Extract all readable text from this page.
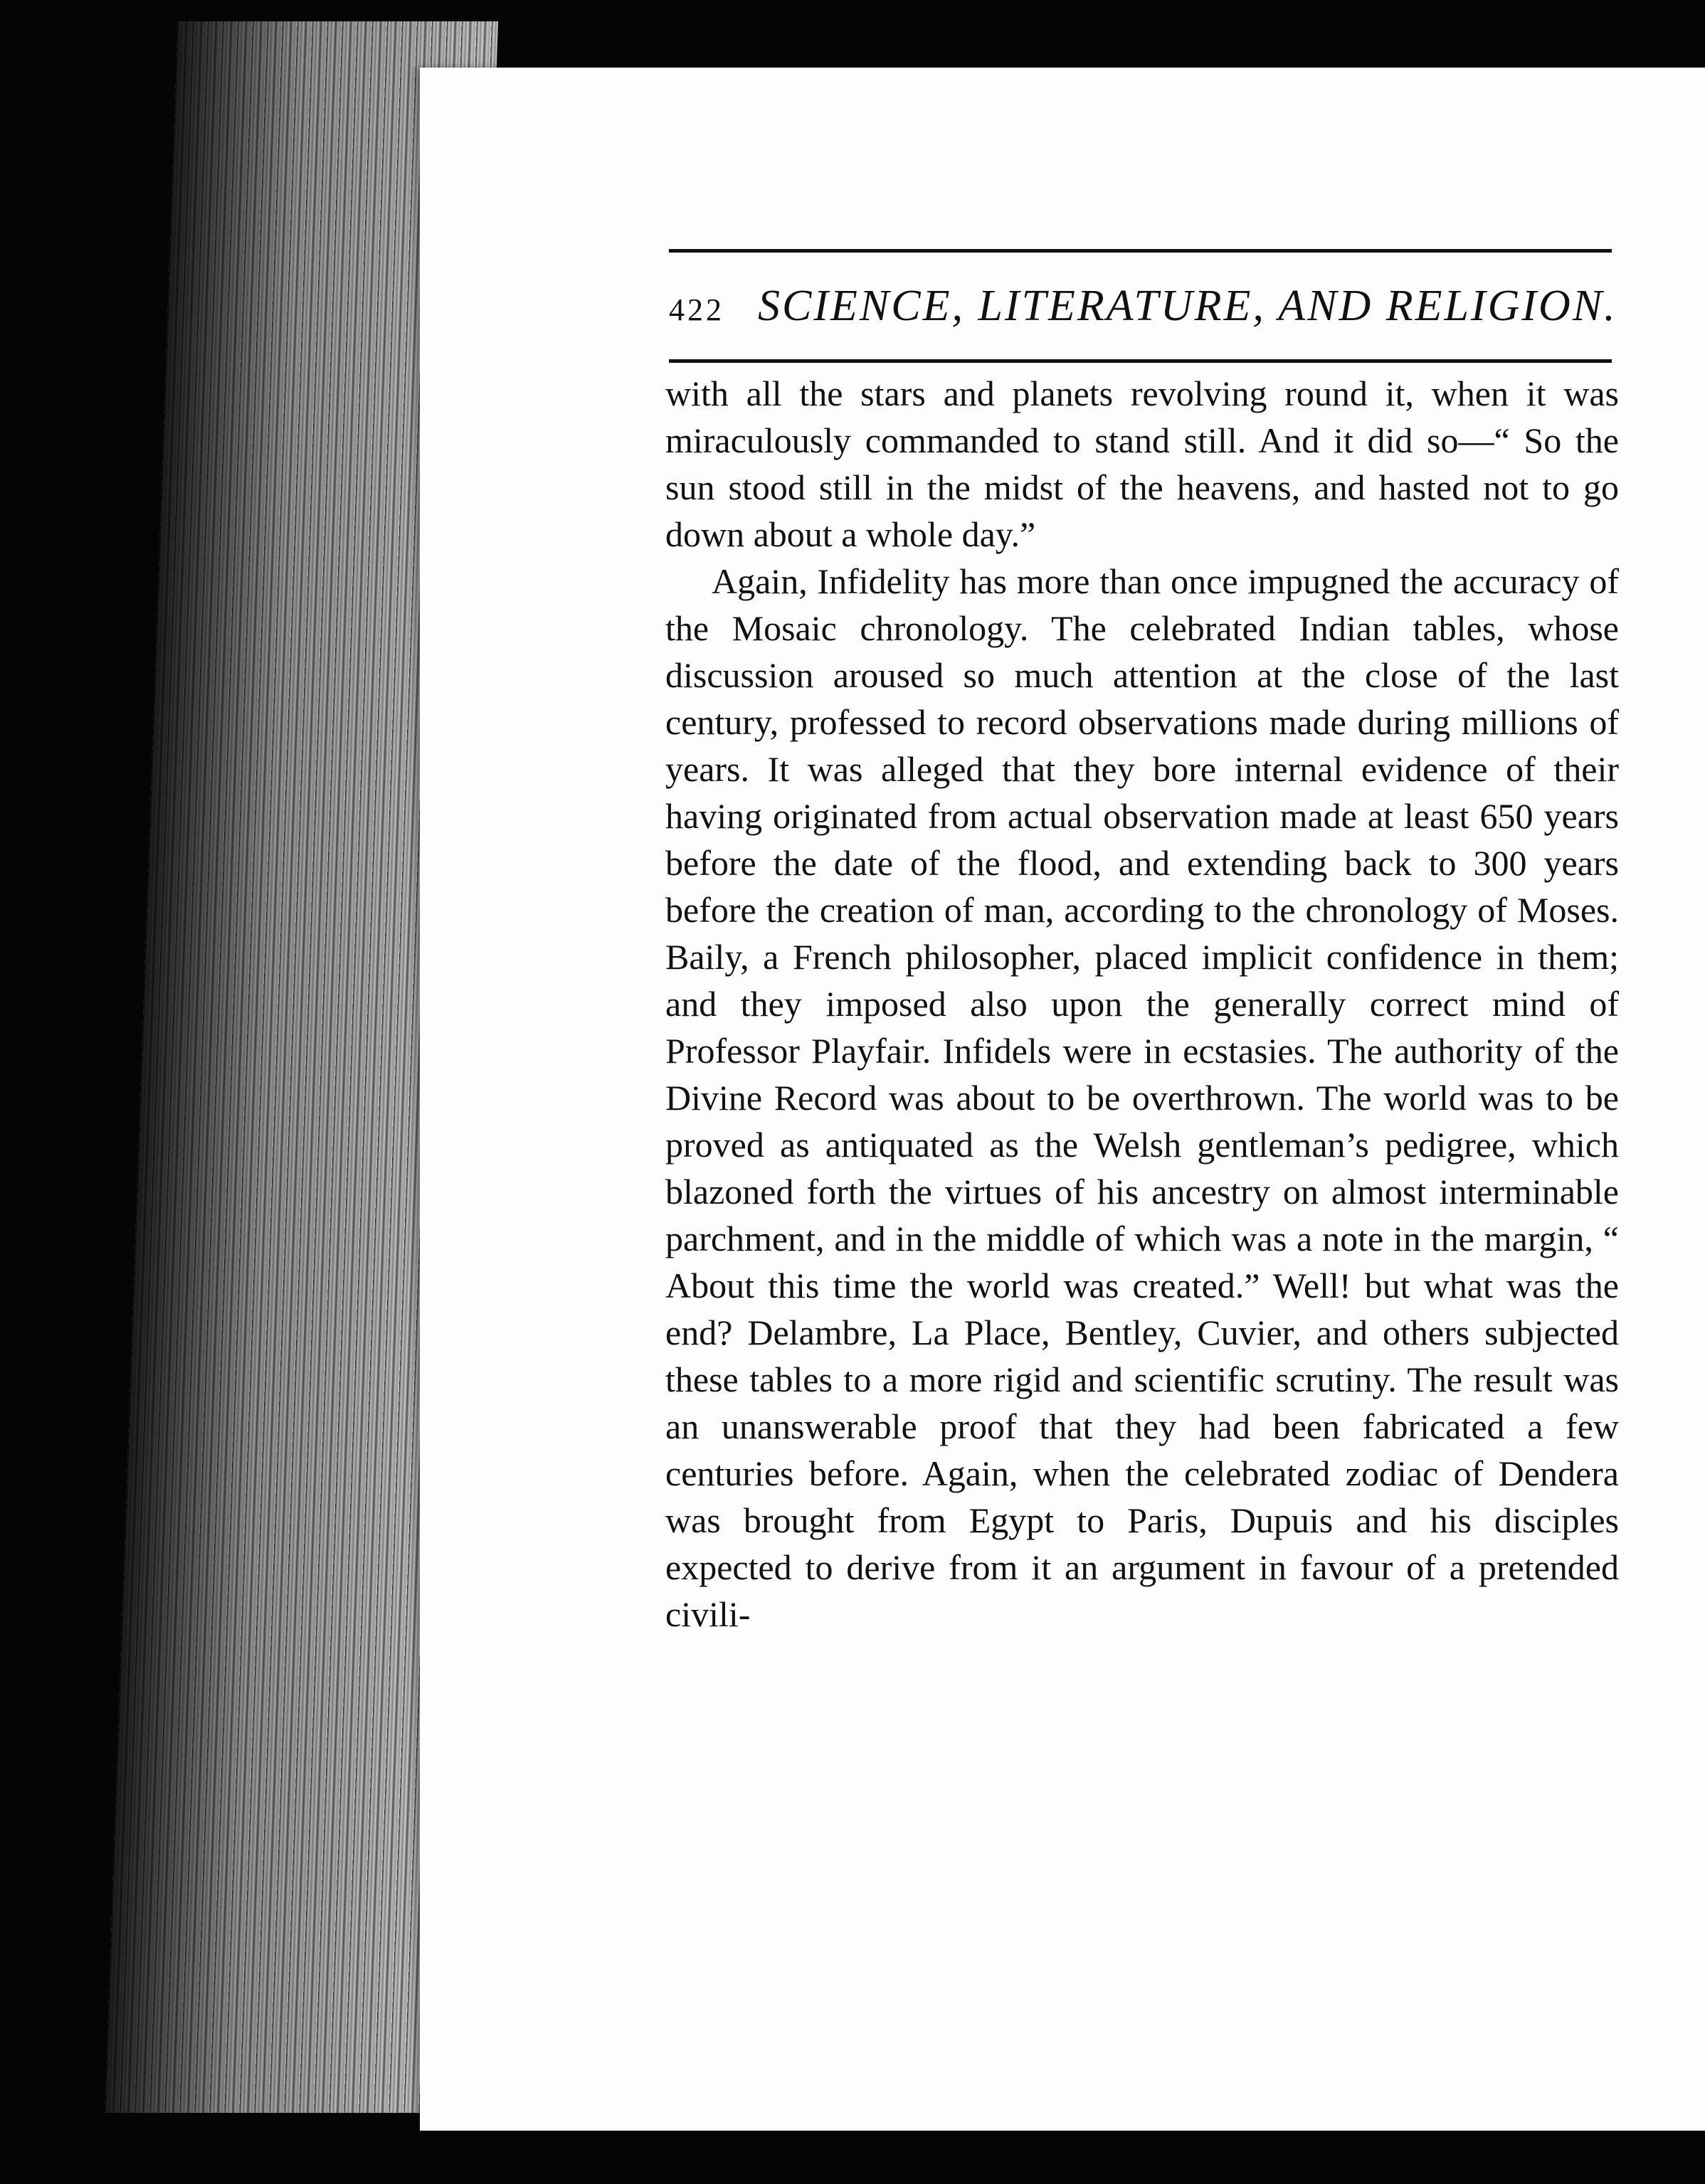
422 SCIENCE, LITERATURE, AND RELIGION.

with all the stars and planets revolving round it, when it was miraculously commanded to stand still. And it did so—“ So the sun stood still in the midst of the heavens, and hasted not to go down about a whole day.”

Again, Infidelity has more than once impugned the accuracy of the Mosaic chronology. The celebrated Indian tables, whose discussion aroused so much attention at the close of the last century, professed to record observations made during millions of years. It was alleged that they bore internal evidence of their having originated from actual observation made at least 650 years before the date of the flood, and extending back to 300 years before the creation of man, according to the chronology of Moses. Baily, a French philosopher, placed implicit confidence in them; and they imposed also upon the generally correct mind of Professor Playfair. Infidels were in ecstasies. The authority of the Divine Record was about to be overthrown. The world was to be proved as antiquated as the Welsh gentleman’s pedigree, which blazoned forth the virtues of his ancestry on almost interminable parchment, and in the middle of which was a note in the margin, “ About this time the world was created.” Well! but what was the end? Delambre, La Place, Bentley, Cuvier, and others subjected these tables to a more rigid and scientific scrutiny. The result was an unanswerable proof that they had been fabricated a few centuries before. Again, when the celebrated zodiac of Dendera was brought from Egypt to Paris, Dupuis and his disciples expected to derive from it an argument in favour of a pretended civili-
